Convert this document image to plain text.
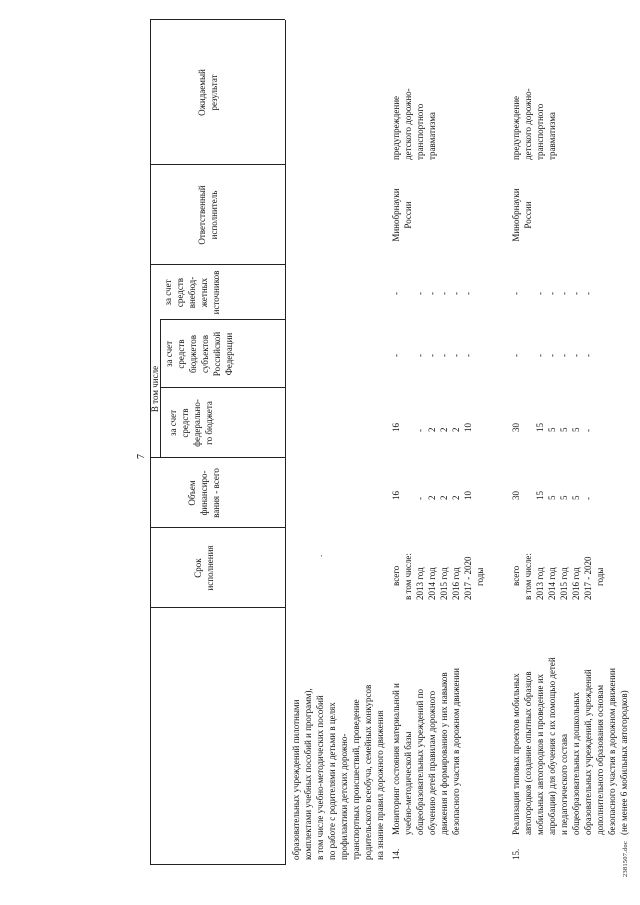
7
Срок исполнения
Объем финансиро- вания - всего
В том числе
за счет средств федерально- го бюджета
за счет средств бюджетов субъектов Российской Федерации
за счет средств внебюд- жетных источников
Ответственный исполнитель
Ожидаемый результат
образовательных учреждений пилотными комплектами учебных пособий и программ), в том числе учебно-методических пособий по работе с родителями и детьми в целях профилактики детских дорожно- транспортных происшествий, проведение родительского всеобуча, семейных конкурсов на знание правил дорожного движения
.
14.
Мониторинг состояния материальной и учебно-методической базы общеобразовательных учреждений по обучению детей правилам дорожного движения и формированию у них навыков безопасного участия в дорожном движении
всего в том числе: 2013 год 2014 год 2015 год 2016 год 2017 - 2020 годы
16
- 2 2 2 10
16
- 2 2 2 10
-
- - - - -
-
- - - - -
Минобрнауки России
предупреждение детского дорожно- транспортного травматизма
15.
Реализация типовых проектов мобильных автогородков (создание опытных образцов мобильных автогородков и проведение их апробации) для обучения с их помощью детей и педагогического состава общеобразовательных и дошкольных образовательных учреждений, учреждений дополнительного образования основам безопасного участия в дорожном движении (не менее 6 мобильных автогородков)
всего в том числе: 2013 год 2014 год 2015 год 2016 год 2017 - 2020 годы
30
15 5 5 5 -
30
15 5 5 5 -
-
- - - - -
-
- - - - -
Минобрнауки России
предупреждение детского дорожно- транспортного травматизма
2381507.doc
